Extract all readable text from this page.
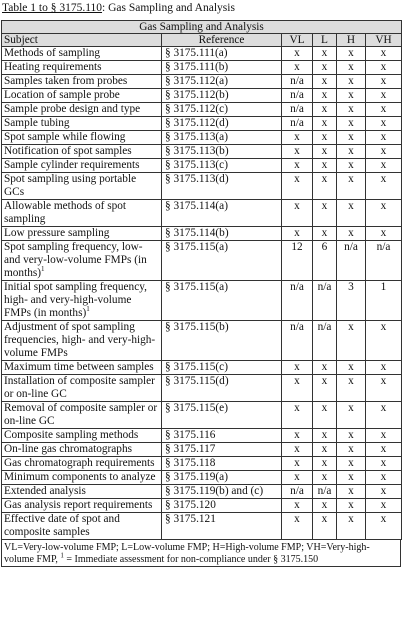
Table 1 to § 3175.110: Gas Sampling and Analysis
Gas Sampling and Analysis					
Subject	Reference	VL	L	H	VH
Methods of sampling	§ 3175.111(a)	x	x	x	x
Heating requirements	§ 3175.111(b)	x	x	x	x
Samples taken from probes	§ 3175.112(a)	n/a	x	x	x
Location of sample probe	§ 3175.112(b)	n/a	x	x	x
Sample probe design and type	§ 3175.112(c)	n/a	x	x	x
Sample tubing	§ 3175.112(d)	n/a	x	x	x
Spot sample while flowing	§ 3175.113(a)	x	x	x	x
Notification of spot samples	§ 3175.113(b)	x	x	x	x
Sample cylinder requirements	§ 3175.113(c)	x	x	x	x
Spot sampling using portable GCs	§ 3175.113(d)	x	x	x	x
Allowable methods of spot sampling	§ 3175.114(a)	x	x	x	x
Low pressure sampling	§ 3175.114(b)	x	x	x	x
Spot sampling frequency, low- and very-low-volume FMPs (in months)$^1$	§ 3175.115(a)	12	6	n/a	n/a
Initial spot sampling frequency, high- and very-high-volume FMPs (in months)$^1$	§ 3175.115(a)	n/a	n/a	3	1
Adjustment of spot sampling frequencies, high- and very-high-volume FMPs	§ 3175.115(b)	n/a	n/a	x	x
Maximum time between samples	§ 3175.115(c)	x	x	x	x
Installation of composite sampler or on-line GC	§ 3175.115(d)	x	x	x	x
Removal of composite sampler or on-line GC	§ 3175.115(e)	x	x	x	x
Composite sampling methods	§ 3175.116	x	x	x	x
On-line gas chromatographs	§ 3175.117	x	x	x	x
Gas chromatograph requirements	§ 3175.118	x	x	x	x
Minimum components to analyze	§ 3175.119(a)	x	x	x	x
Extended analysis	§ 3175.119(b) and (c)	n/a	n/a	x	x
Gas analysis report requirements	§ 3175.120	x	x	x	x
Effective date of spot and composite samples	§ 3175.121	x	x	x	x
VL=Very-low-volume FMP; L=Low-volume FMP; H=High-volume FMP; VH=Very-high-volume FMP, $^1$ = Immediate assessment for non-compliance under § 3175.150
